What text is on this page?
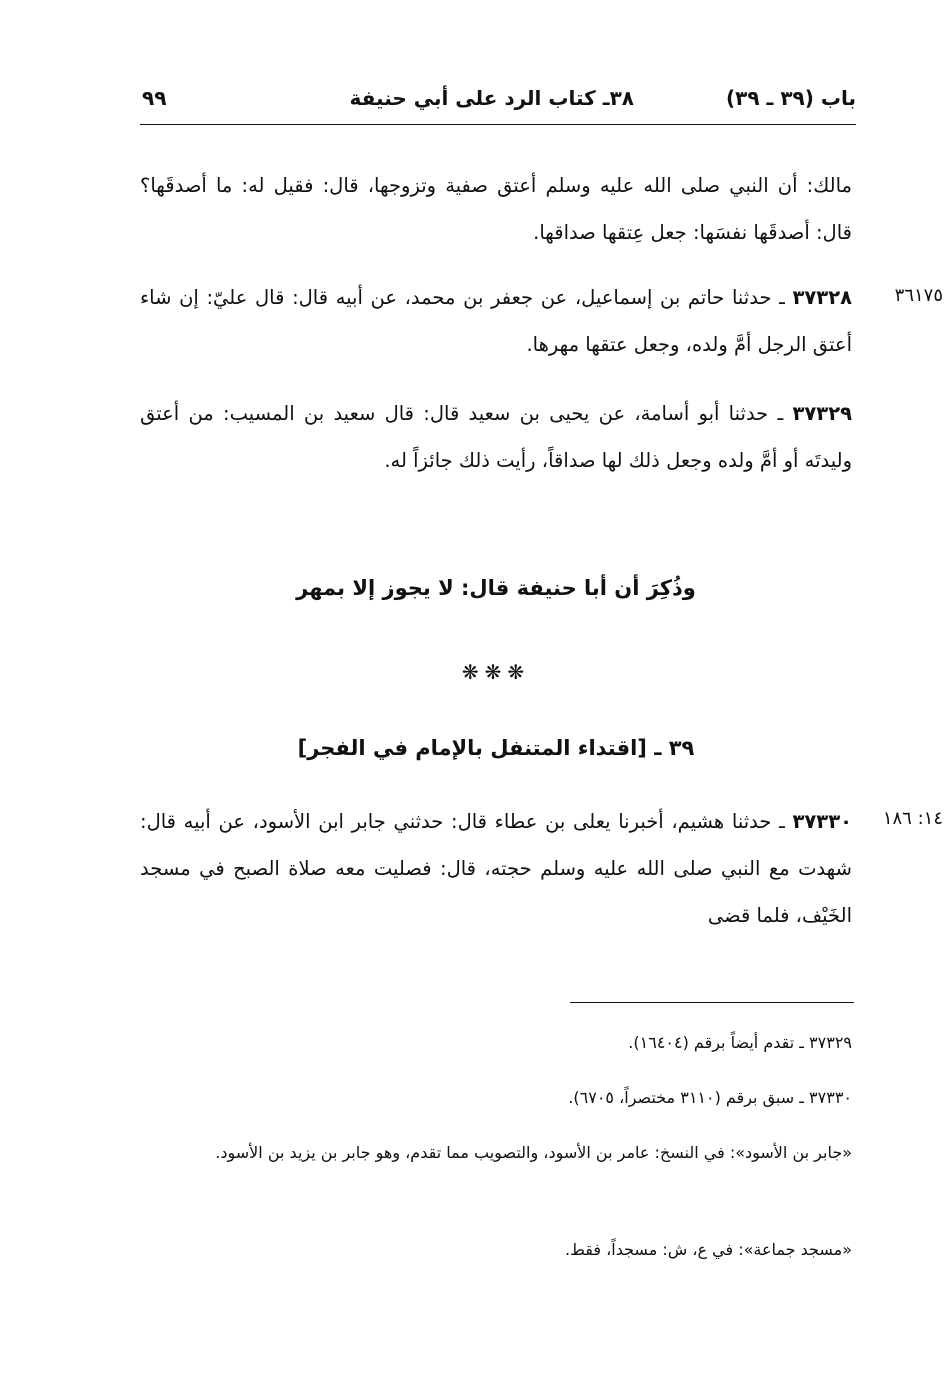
باب (٣٩ ـ ٣٩)
٣٨ـ كتاب الرد على أبي حنيفة
٩٩
مالك: أن النبي صلى الله عليه وسلم أعتق صفية وتزوجها، قال: فقيل له: ما أصدقَها؟ قال: أصدقَها نفسَها: جعل عِتقها صداقها.
٣٦١٧٥
٣٧٣٢٨ ـ حدثنا حاتم بن إسماعيل، عن جعفر بن محمد، عن أبيه قال: قال عليّ: إن شاء أعتق الرجل أمَّ ولده، وجعل عتقها مهرها.
٣٧٣٢٩ ـ حدثنا أبو أسامة، عن يحيى بن سعيد قال: قال سعيد بن المسيب: من أعتق وليدتَه أو أمَّ ولده وجعل ذلك لها صداقاً، رأيت ذلك جائزاً له.
وذُكِرَ أن أبا حنيفة قال: لا يجوز إلا بمهر
❋❋❋
٣٩ ـ [اقتداء المتنفل بالإمام في الفجر]
١٤: ١٨٦
٣٧٣٣٠ ـ حدثنا هشيم، أخبرنا يعلى بن عطاء قال: حدثني جابر ابن الأسود، عن أبيه قال: شهدت مع النبي صلى الله عليه وسلم حجته، قال: فصليت معه صلاة الصبح في مسجد الخَيْف، فلما قضى
٣٧٣٢٩ ـ تقدم أيضاً برقم (١٦٤٠٤).
٣٧٣٣٠ ـ سبق برقم (٣١١٠ مختصراً، ٦٧٠٥).
«جابر بن الأسود»: في النسخ: عامر بن الأسود، والتصويب مما تقدم، وهو جابر بن يزيد بن الأسود.
«مسجد جماعة»: في ع، ش: مسجداً، فقط.
